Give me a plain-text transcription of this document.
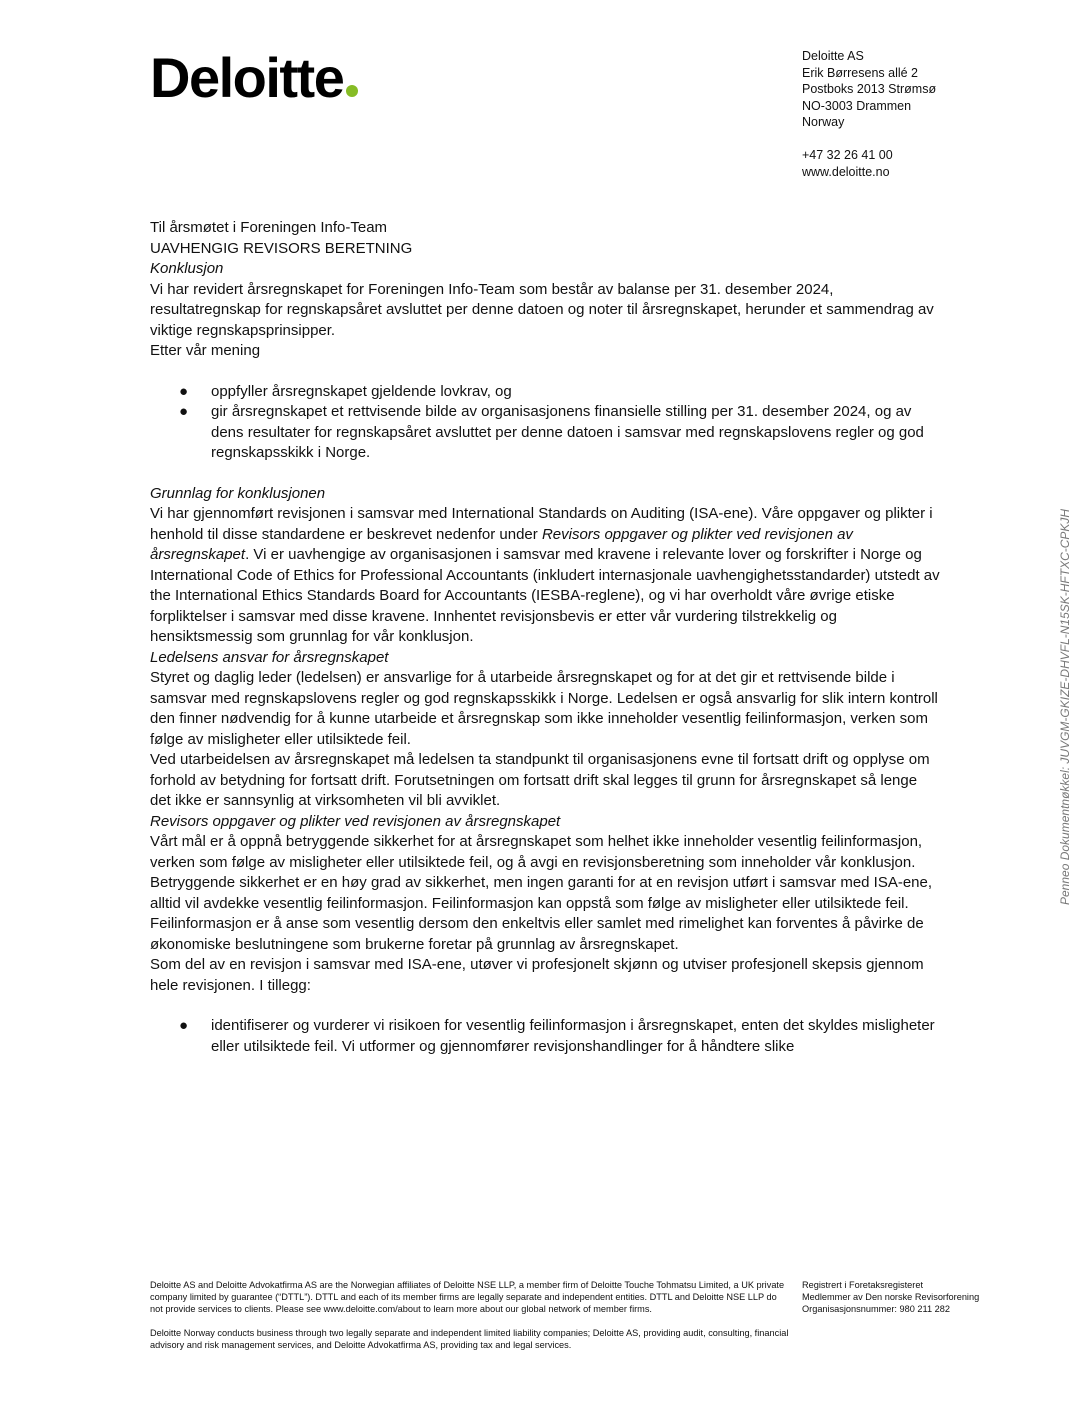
Deloitte	Deloitte AS
Erik Børresens allé 2
Postboks 2013 Strømsø
NO-3003 Drammen
Norway

+47 32 26 41 00
www.deloitte.no

Til årsmøtet i Foreningen Info-Team

UAVHENGIG REVISORS BERETNING

Konklusjon

Vi har revidert årsregnskapet for Foreningen Info-Team som består av balanse per 31. desember 2024, resultatregnskap for regnskapsåret avsluttet per denne datoen og noter til årsregnskapet, herunder et sammendrag av viktige regnskapsprinsipper.

Etter vår mening

● oppfyller årsregnskapet gjeldende lovkrav, og
● gir årsregnskapet et rettvisende bilde av organisasjonens finansielle stilling per 31. desember 2024, og av dens resultater for regnskapsåret avsluttet per denne datoen i samsvar med regnskapslovens regler og god regnskapsskikk i Norge.

Grunnlag for konklusjonen

Vi har gjennomført revisjonen i samsvar med International Standards on Auditing (ISA-ene). Våre oppgaver og plikter i henhold til disse standardene er beskrevet nedenfor under Revisors oppgaver og plikter ved revisjonen av årsregnskapet. Vi er uavhengige av organisasjonen i samsvar med kravene i relevante lover og forskrifter i Norge og International Code of Ethics for Professional Accountants (inkludert internasjonale uavhengighetsstandarder) utstedt av the International Ethics Standards Board for Accountants (IESBA-reglene), og vi har overholdt våre øvrige etiske forpliktelser i samsvar med disse kravene. Innhentet revisjonsbevis er etter vår vurdering tilstrekkelig og hensiktsmessig som grunnlag for vår konklusjon.

Ledelsens ansvar for årsregnskapet

Styret og daglig leder (ledelsen) er ansvarlige for å utarbeide årsregnskapet og for at det gir et rettvisende bilde i samsvar med regnskapslovens regler og god regnskapsskikk i Norge. Ledelsen er også ansvarlig for slik intern kontroll den finner nødvendig for å kunne utarbeide et årsregnskap som ikke inneholder vesentlig feilinformasjon, verken som følge av misligheter eller utilsiktede feil.

Ved utarbeidelsen av årsregnskapet må ledelsen ta standpunkt til organisasjonens evne til fortsatt drift og opplyse om forhold av betydning for fortsatt drift. Forutsetningen om fortsatt drift skal legges til grunn for årsregnskapet så lenge det ikke er sannsynlig at virksomheten vil bli avviklet.

Revisors oppgaver og plikter ved revisjonen av årsregnskapet

Vårt mål er å oppnå betryggende sikkerhet for at årsregnskapet som helhet ikke inneholder vesentlig feilinformasjon, verken som følge av misligheter eller utilsiktede feil, og å avgi en revisjonsberetning som inneholder vår konklusjon. Betryggende sikkerhet er en høy grad av sikkerhet, men ingen garanti for at en revisjon utført i samsvar med ISA-ene, alltid vil avdekke vesentlig feilinformasjon. Feilinformasjon kan oppstå som følge av misligheter eller utilsiktede feil. Feilinformasjon er å anse som vesentlig dersom den enkeltvis eller samlet med rimelighet kan forventes å påvirke de økonomiske beslutningene som brukerne foretar på grunnlag av årsregnskapet.

Som del av en revisjon i samsvar med ISA-ene, utøver vi profesjonelt skjønn og utviser profesjonell skepsis gjennom hele revisjonen. I tillegg:

● identifiserer og vurderer vi risikoen for vesentlig feilinformasjon i årsregnskapet, enten det skyldes misligheter eller utilsiktede feil. Vi utformer og gjennomfører revisjonshandlinger for å håndtere slike
Deloitte AS and Deloitte Advokatfirma AS are the Norwegian affiliates of Deloitte NSE LLP, a member firm of Deloitte Touche Tohmatsu Limited, a UK private company limited by guarantee (“DTTL”). DTTL and each of its member firms are legally separate and independent entities. DTTL and Deloitte NSE LLP do not provide services to clients. Please see www.deloitte.com/about to learn more about our global network of member firms.
Deloitte Norway conducts business through two legally separate and independent limited liability companies; Deloitte AS, providing audit, consulting, financial advisory and risk management services, and Deloitte Advokatfirma AS, providing tax and legal services.
Registrert i Foretaksregisteret
Medlemmer av Den norske Revisorforening
Organisasjonsnummer: 980 211 282
Penneo Dokumentnøkkel: JUVGM-GKIZE-DHVFL-N15SK-HFTXC-CPKJH
